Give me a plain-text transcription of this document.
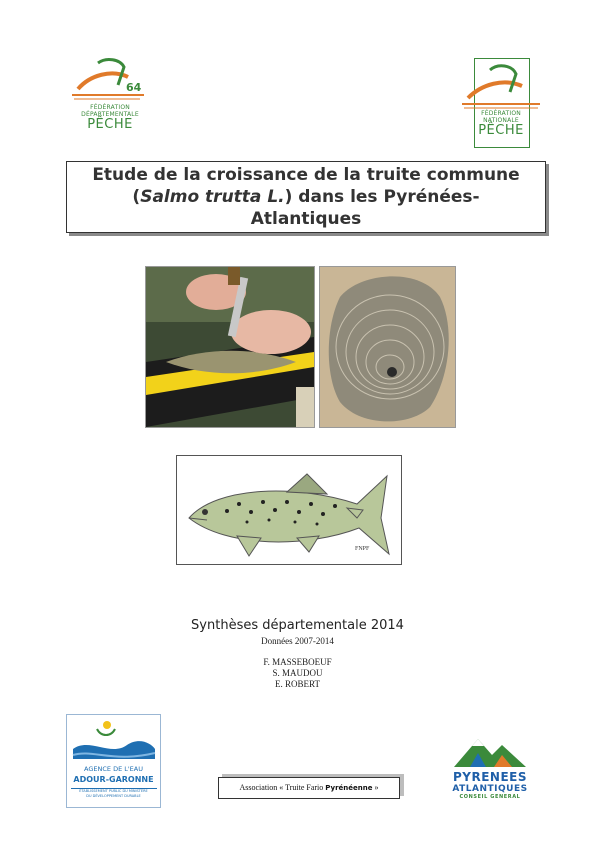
64
FÉDÉRATION
DÉPARTEMENTALE
PÊCHE
FÉDÉRATION
NATIONALE
PÊCHE
Etude de la croissance de la truite commune
(Salmo trutta L.) dans les Pyrénées-
Atlantiques
FNPF
Synthèses départementale 2014
Données 2007-2014
F. MASSEBOEUF
S. MAUDOU
E. ROBERT
AGENCE DE L'EAU
ADOUR-GARONNE
ÉTABLISSEMENT PUBLIC DU MINISTÈRE
DU DÉVELOPPEMENT DURABLE
Association « Truite Fario Pyrénéenne »
PYRENEES
ATLANTIQUES
CONSEIL GENERAL
